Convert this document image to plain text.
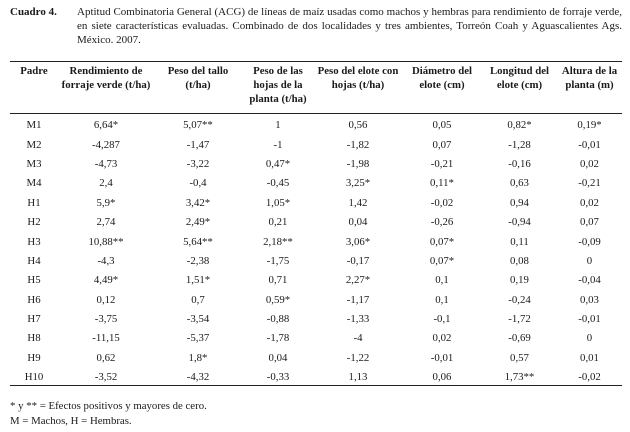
Cuadro 4. Aptitud Combinatoria General (ACG) de líneas de maíz usadas como machos y hembras para rendimiento de forraje verde, en siete características evaluadas. Combinado de dos localidades y tres ambientes, Torreón Coah y Aguascalientes Ags. México. 2007.
Padre	Rendimiento de forraje verde (t/ha)	Peso del tallo (t/ha)	Peso de las hojas de la planta (t/ha)	Peso del elote con hojas (t/ha)	Diámetro del elote (cm)	Longitud del elote (cm)	Altura de la planta (m)
M1	6,64*	5,07**	1	0,56	0,05	0,82*	0,19*
M2	-4,287	-1,47	-1	-1,82	0,07	-1,28	-0,01
M3	-4,73	-3,22	0,47*	-1,98	-0,21	-0,16	0,02
M4	2,4	-0,4	-0,45	3,25*	0,11*	0,63	-0,21
H1	5,9*	3,42*	1,05*	1,42	-0,02	0,94	0,02
H2	2,74	2,49*	0,21	0,04	-0,26	-0,94	0,07
H3	10,88**	5,64**	2,18**	3,06*	0,07*	0,11	-0,09
H4	-4,3	-2,38	-1,75	-0,17	0,07*	0,08	0
H5	4,49*	1,51*	0,71	2,27*	0,1	0,19	-0,04
H6	0,12	0,7	0,59*	-1,17	0,1	-0,24	0,03
H7	-3,75	-3,54	-0,88	-1,33	-0,1	-1,72	-0,01
H8	-11,15	-5,37	-1,78	-4	0,02	-0,69	0
H9	0,62	1,8*	0,04	-1,22	-0,01	0,57	0,01
H10	-3,52	-4,32	-0,33	1,13	0,06	1,73**	-0,02
* y ** = Efectos positivos y mayores de cero.
M = Machos, H = Hembras.
